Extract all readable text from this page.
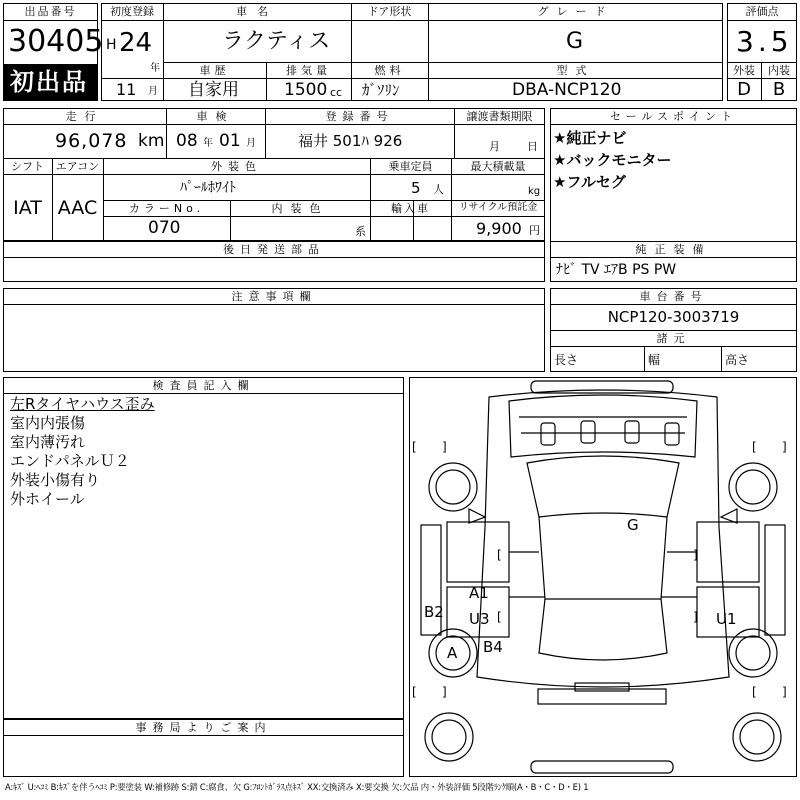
出品番号
30405
初出品
初度登録
H 24
年
11 月
車名
ラクティス
ドア形状	グレード
G
車歴
自家用
排気量
1500 cc
燃料
ｶﾞｿﾘﾝ
型式
DBA-NCP120
評価点
3.5
外装	内装
D	B
走行
96,078 km
車検
08 年 01 月
登録番号
福井 501ﾊ 926
譲渡書類期限
月 日
シフト
IAT
エアコン
AAC
外装色
ﾊﾟｰﾙﾎﾜｲﾄ
乗車定員
5 人
最大積載量
kg
カラーNo.
070
内装色
系
輸入車	リサイクル預託金
9,900 円
後日発送部品
セールスポイント
★純正ナビ
★バックモニター
★フルセグ
純正装備
ﾅﾋﾞ TV ｴｱB PS PW
注意事項欄	車台番号
NCP120-3003719
諸元
長さ	幅	高さ
検査員記入欄
左Rタイヤハウス歪み
室内内張傷
室内薄汚れ
エンドパネルＵ２
外装小傷有り
外ホイール
事務局よりご案内
[ ]	[ ]
[ ]	[ ]
[	]
[	]
G
A1
U3
B2
B4
A
U1
A:ｷｽﾞ U:ﾍｺﾐ B:ｷｽﾞを伴うﾍｺﾐ P:要塗装 W:補修跡 S:錆 C:腐食、欠 G:ﾌﾛﾝﾄｶﾞﾗｽ点ｷｽﾞ XX:交換済み X:要交換 欠:欠品 内・外装評価 5段階ﾗﾝｸ順(A・B・C・D・E) 1
